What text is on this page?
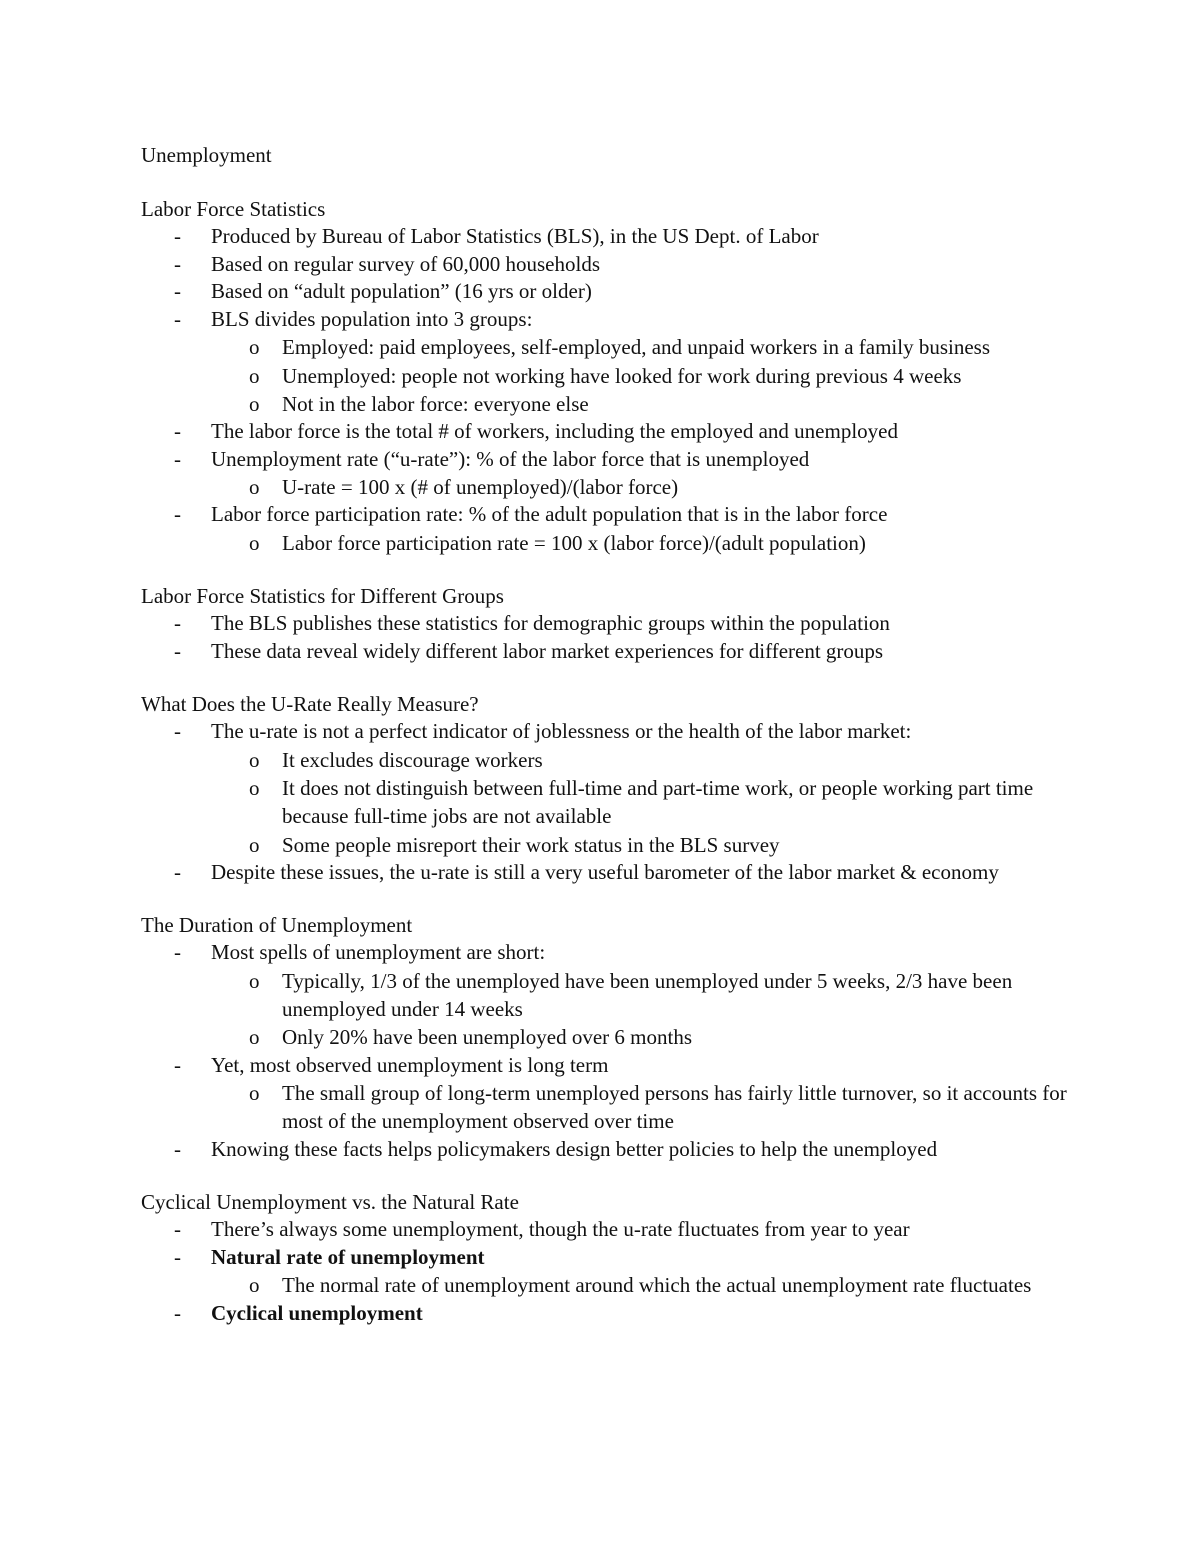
Unemployment
Labor Force Statistics
- Produced by Bureau of Labor Statistics (BLS), in the US Dept. of Labor
- Based on regular survey of 60,000 households
- Based on “adult population” (16 yrs or older)
- BLS divides population into 3 groups:
o Employed: paid employees, self-employed, and unpaid workers in a family business
o Unemployed: people not working have looked for work during previous 4 weeks
o Not in the labor force: everyone else
- The labor force is the total # of workers, including the employed and unemployed
- Unemployment rate (“u-rate”): % of the labor force that is unemployed
o U-rate = 100 x (# of unemployed)/(labor force)
- Labor force participation rate: % of the adult population that is in the labor force
o Labor force participation rate = 100 x (labor force)/(adult population)
Labor Force Statistics for Different Groups
- The BLS publishes these statistics for demographic groups within the population
- These data reveal widely different labor market experiences for different groups
What Does the U-Rate Really Measure?
- The u-rate is not a perfect indicator of joblessness or the health of the labor market:
o It excludes discourage workers
o It does not distinguish between full-time and part-time work, or people working part time because full-time jobs are not available
o Some people misreport their work status in the BLS survey
- Despite these issues, the u-rate is still a very useful barometer of the labor market & economy
The Duration of Unemployment
- Most spells of unemployment are short:
o Typically, 1/3 of the unemployed have been unemployed under 5 weeks, 2/3 have been unemployed under 14 weeks
o Only 20% have been unemployed over 6 months
- Yet, most observed unemployment is long term
o The small group of long-term unemployed persons has fairly little turnover, so it accounts for most of the unemployment observed over time
- Knowing these facts helps policymakers design better policies to help the unemployed
Cyclical Unemployment vs. the Natural Rate
- There’s always some unemployment, though the u-rate fluctuates from year to year
- Natural rate of unemployment
o The normal rate of unemployment around which the actual unemployment rate fluctuates
- Cyclical unemployment
